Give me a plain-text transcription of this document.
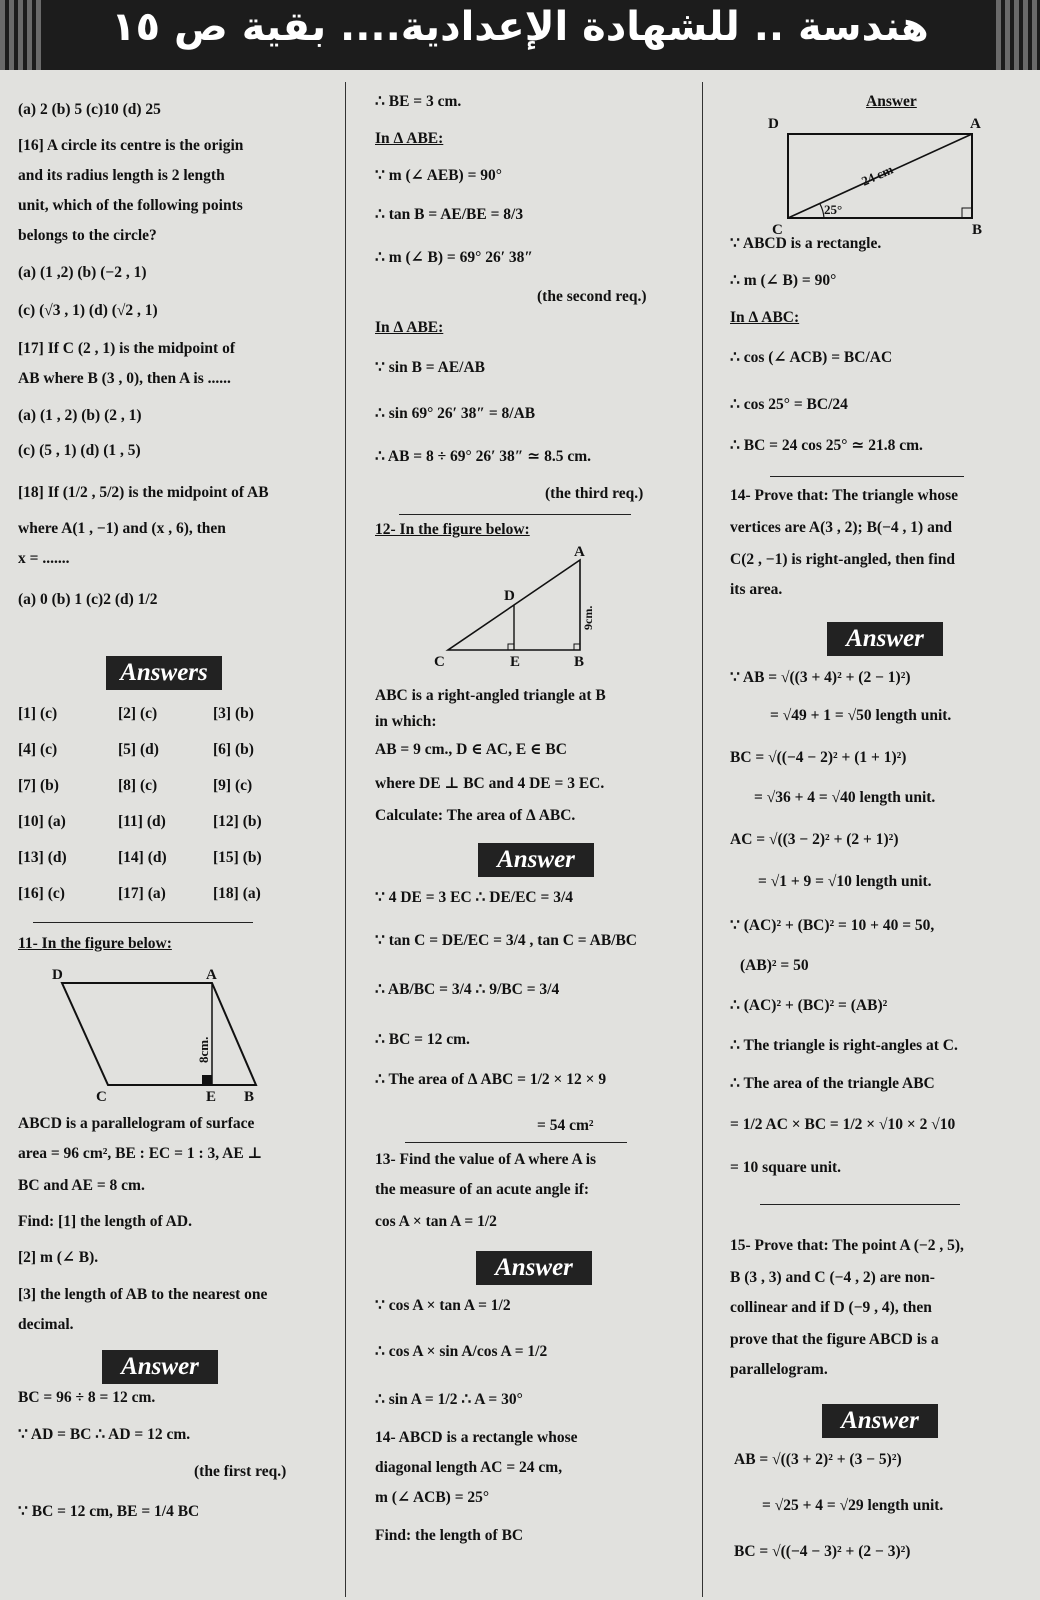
هندسة .. للشهادة الإعدادية.... بقية ص ١٥
(a) 2 (b) 5 (c)10 (d) 25
[16] A circle its centre is the origin
and its radius length is 2 length
unit, which of the following points
belongs to the circle?
(a) (1 ,2) (b) (−2 , 1)
(c) (√3 , 1) (d) (√2 , 1)
[17] If C (2 , 1) is the midpoint of
AB where B (3 , 0), then A is ......
(a) (1 , 2) (b) (2 , 1)
(c) (5 , 1) (d) (1 , 5)
[18] If (1/2 , 5/2) is the midpoint of AB
where A(1 , −1) and (x , 6), then
x = .......
(a) 0 (b) 1 (c)2 (d) 1/2
Answers
[1] (c)	[2] (c)	[3] (b)
[4] (c)	[5] (d)	[6] (b)
[7] (b)	[8] (c)	[9] (c)
[10] (a)	[11] (d)	[12] (b)
[13] (d)	[14] (d)	[15] (b)
[16] (c)	[17] (a)	[18] (a)
11- In the figure below:
D	A
C	E B
8cm.
ABCD is a parallelogram of surface
area = 96 cm², BE : EC = 1 : 3, AE ⊥
BC and AE = 8 cm.
Find: [1] the length of AD.
[2] m (∠ B).
[3] the length of AB to the nearest one
decimal.
Answer
BC = 96 ÷ 8 = 12 cm.
∵ AD = BC ∴ AD = 12 cm.
(the first req.)
∵ BC = 12 cm, BE = 1/4 BC
∴ BE = 3 cm.
In Δ ABE:
∵ m (∠ AEB) = 90°
∴ tan B = AE/BE = 8/3
∴ m (∠ B) = 69° 26′ 38″
(the second req.)
In Δ ABE:
∵ sin B = AE/AB
∴ sin 69° 26′ 38″ = 8/AB
∴ AB = 8 ÷ 69° 26′ 38″ ≃ 8.5 cm.
(the third req.)
12- In the figure below:
A
D
C	E	B
9cm.
ABC is a right-angled triangle at B
in which:
AB = 9 cm., D ∈ AC, E ∈ BC
where DE ⊥ BC and 4 DE = 3 EC.
Calculate: The area of Δ ABC.
Answer
∵ 4 DE = 3 EC ∴ DE/EC = 3/4
∵ tan C = DE/EC = 3/4 , tan C = AB/BC
∴ AB/BC = 3/4 ∴ 9/BC = 3/4
∴ BC = 12 cm.
∴ The area of Δ ABC = 1/2 × 12 × 9
= 54 cm²
13- Find the value of A where A is
the measure of an acute angle if:
cos A × tan A = 1/2
Answer
∵ cos A × tan A = 1/2
∴ cos A × sin A/cos A = 1/2
∴ sin A = 1/2 ∴ A = 30°
14- ABCD is a rectangle whose
diagonal length AC = 24 cm,
m (∠ ACB) = 25°
Find: the length of BC
Answer
D	A
C	B
25°
24 cm
∵ ABCD is a rectangle.
∴ m (∠ B) = 90°
In Δ ABC:
∴ cos (∠ ACB) = BC/AC
∴ cos 25° = BC/24
∴ BC = 24 cos 25° ≃ 21.8 cm.
14- Prove that: The triangle whose
vertices are A(3 , 2); B(−4 , 1) and
C(2 , −1) is right-angled, then find
its area.
Answer
∵ AB = √((3 + 4)² + (2 − 1)²)
= √49 + 1 = √50 length unit.
BC = √((−4 − 2)² + (1 + 1)²)
= √36 + 4 = √40 length unit.
AC = √((3 − 2)² + (2 + 1)²)
= √1 + 9 = √10 length unit.
∵ (AC)² + (BC)² = 10 + 40 = 50,
(AB)² = 50
∴ (AC)² + (BC)² = (AB)²
∴ The triangle is right-angles at C.
∴ The area of the triangle ABC
= 1/2 AC × BC = 1/2 × √10 × 2 √10
= 10 square unit.
15- Prove that: The point A (−2 , 5),
B (3 , 3) and C (−4 , 2) are non-
collinear and if D (−9 , 4), then
prove that the figure ABCD is a
parallelogram.
Answer
AB = √((3 + 2)² + (3 − 5)²)
= √25 + 4 = √29 length unit.
BC = √((−4 − 3)² + (2 − 3)²)
